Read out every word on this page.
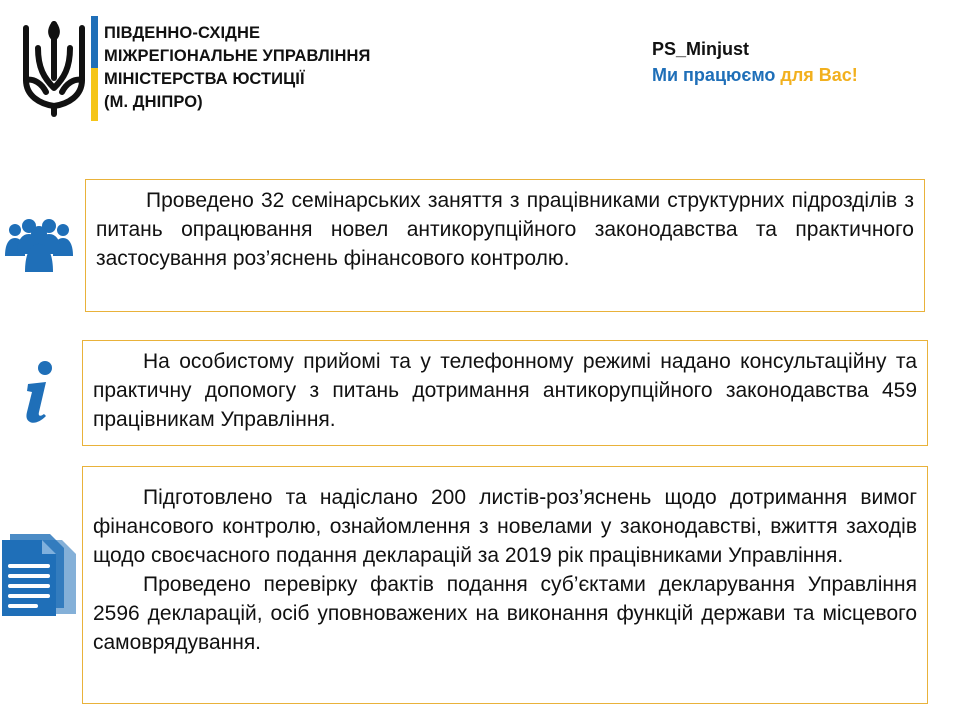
ПІВДЕННО-СХІДНЕ
МІЖРЕГІОНАЛЬНЕ УПРАВЛІННЯ
МІНІСТЕРСТВА ЮСТИЦІЇ
(М. ДНІПРО)
PS_Minjust
Ми працюємо для Вас!

Проведено 32 семінарських заняття з працівниками структурних підрозділів з питань опрацювання новел антикорупційного законодавства та практичного застосування роз’яснень фінансового контролю.

На особистому прийомі та у телефонному режимі надано консультаційну та практичну допомогу з питань дотримання антикорупційного законодавства 459 працівникам Управління.

Підготовлено та надіслано 200 листів-роз’яснень щодо дотримання вимог фінансового контролю, ознайомлення з новелами у законодавстві, вжиття заходів щодо своєчасного подання декларацій за 2019 рік працівниками Управління.

Проведено перевірку фактів подання суб’єктами декларування Управління 2596 декларацій, осіб уповноважених на виконання функцій держави та місцевого самоврядування.
